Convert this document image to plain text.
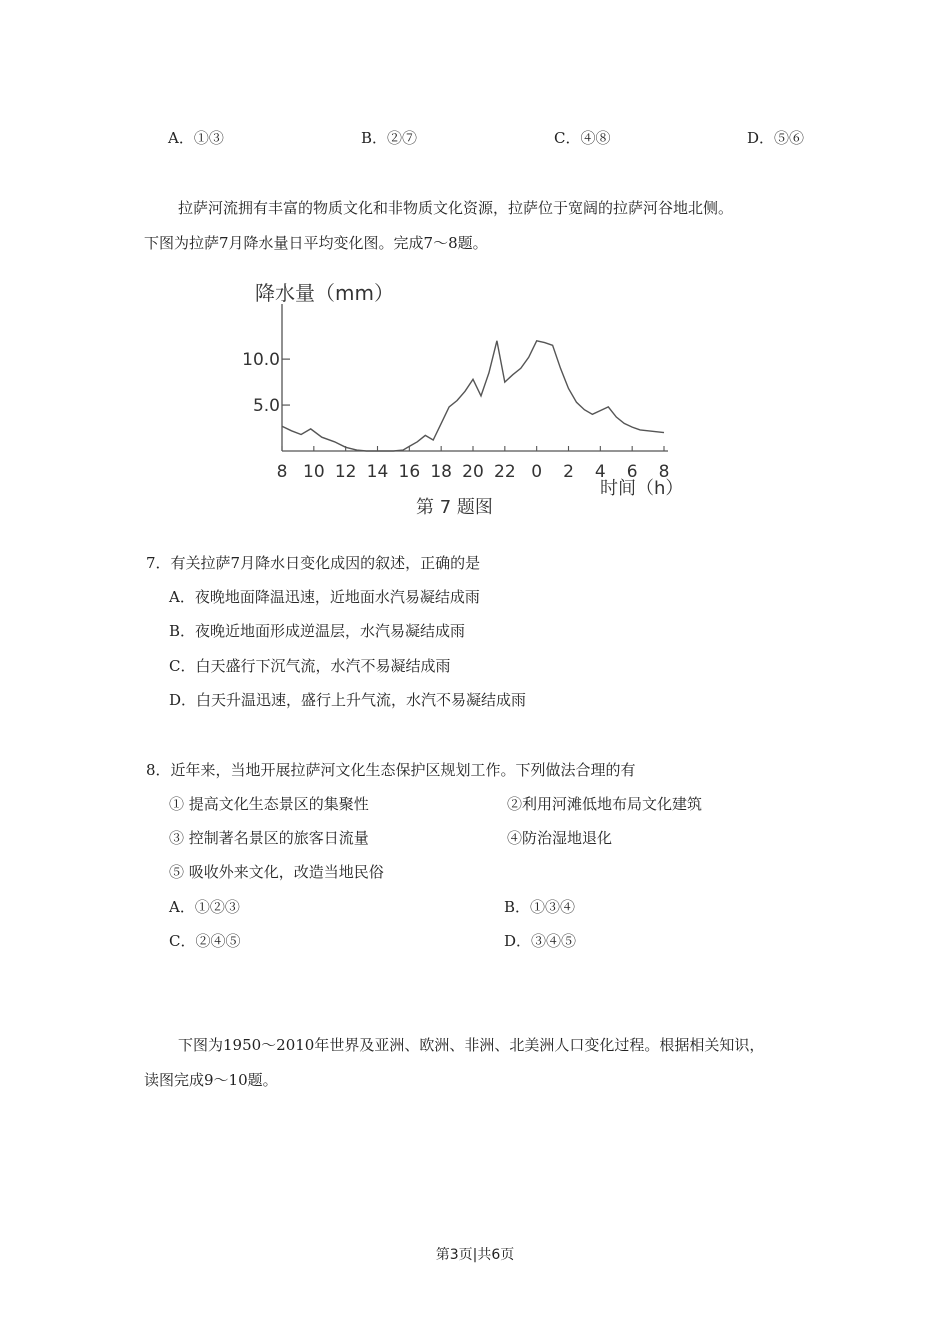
A．①③	B．②⑦	C．④⑧	D．⑤⑥
拉萨河流拥有丰富的物质文化和非物质文化资源，拉萨位于宽阔的拉萨河谷地北侧。
下图为拉萨7月降水量日平均变化图。完成7～8题。
降水量（mm）
5.0
10.0
8 10 12 14 16 18 20 22 0 2 4 6 8
时间（h）
第 7 题图
7．有关拉萨7月降水日变化成因的叙述，正确的是
A．夜晚地面降温迅速，近地面水汽易凝结成雨
B．夜晚近地面形成逆温层，水汽易凝结成雨
C．白天盛行下沉气流，水汽不易凝结成雨
D．白天升温迅速，盛行上升气流，水汽不易凝结成雨
8．近年来，当地开展拉萨河文化生态保护区规划工作。下列做法合理的有
① 提高文化生态景区的集聚性	②利用河滩低地布局文化建筑
③ 控制著名景区的旅客日流量	④防治湿地退化
⑤ 吸收外来文化，改造当地民俗
A．①②③	B．①③④
C．②④⑤	D．③④⑤
下图为1950～2010年世界及亚洲、欧洲、非洲、北美洲人口变化过程。根据相关知识，
读图完成9～10题。
第3页|共6页
